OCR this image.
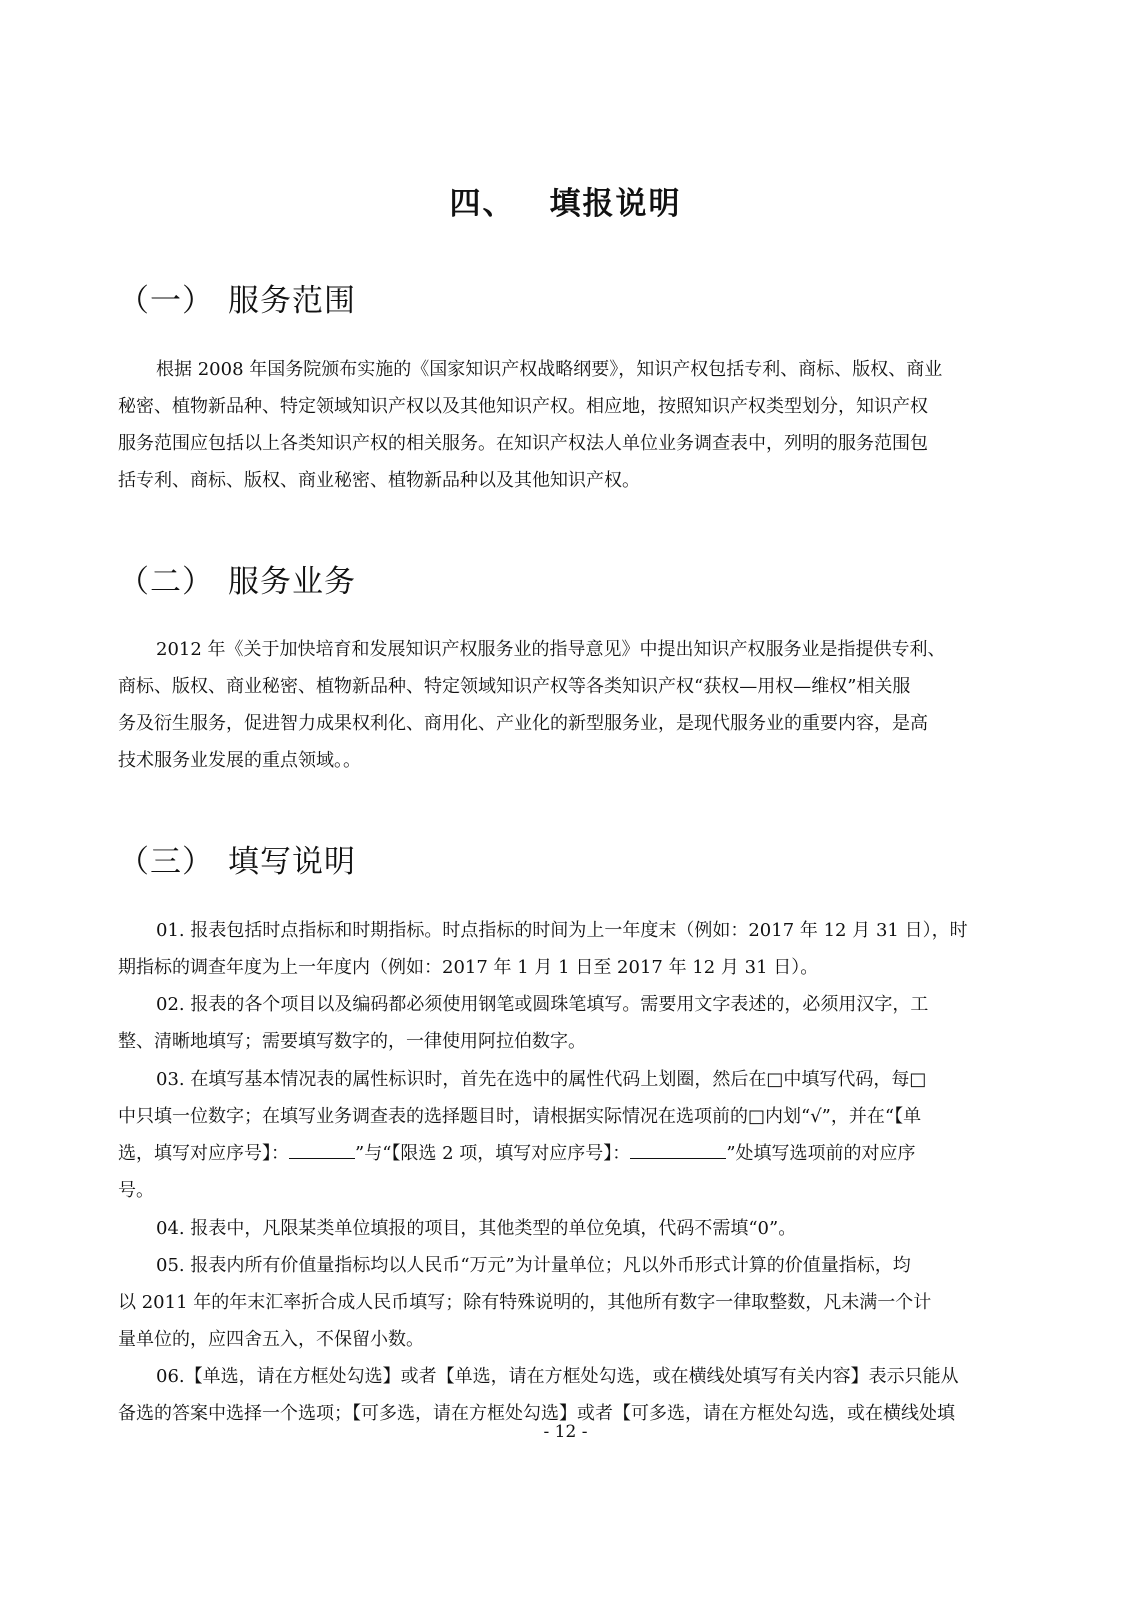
四、 填报说明
（一） 服务范围
根据 2008 年国务院颁布实施的《国家知识产权战略纲要》，知识产权包括专利、商标、版权、商业
秘密、植物新品种、特定领域知识产权以及其他知识产权。相应地，按照知识产权类型划分，知识产权
服务范围应包括以上各类知识产权的相关服务。在知识产权法人单位业务调查表中，列明的服务范围包
括专利、商标、版权、商业秘密、植物新品种以及其他知识产权。
（二） 服务业务
2012 年《关于加快培育和发展知识产权服务业的指导意见》中提出知识产权服务业是指提供专利、
商标、版权、商业秘密、植物新品种、特定领域知识产权等各类知识产权“获权—用权—维权”相关服
务及衍生服务，促进智力成果权利化、商用化、产业化的新型服务业，是现代服务业的重要内容，是高
技术服务业发展的重点领域。。
（三） 填写说明
01. 报表包括时点指标和时期指标。时点指标的时间为上一年度末（例如：2017 年 12 月 31 日），时
期指标的调查年度为上一年度内（例如：2017 年 1 月 1 日至 2017 年 12 月 31 日）。
02. 报表的各个项目以及编码都必须使用钢笔或圆珠笔填写。需要用文字表述的，必须用汉字，工
整、清晰地填写；需要填写数字的，一律使用阿拉伯数字。
03. 在填写基本情况表的属性标识时，首先在选中的属性代码上划圈，然后在□中填写代码，每□
中只填一位数字；在填写业务调查表的选择题目时，请根据实际情况在选项前的□内划“√”，并在“【单
选，填写对应序号】：	”与“【限选 2 项，填写对应序号】：	”处填写选项前的对应序
号。
04. 报表中，凡限某类单位填报的项目，其他类型的单位免填，代码不需填“0”。
05. 报表内所有价值量指标均以人民币“万元”为计量单位；凡以外币形式计算的价值量指标，均
以 2011 年的年末汇率折合成人民币填写；除有特殊说明的，其他所有数字一律取整数，凡未满一个计
量单位的，应四舍五入，不保留小数。
06.【单选，请在方框处勾选】或者【单选，请在方框处勾选，或在横线处填写有关内容】表示只能从
备选的答案中选择一个选项；【可多选，请在方框处勾选】或者【可多选，请在方框处勾选，或在横线处填
- 12 -
